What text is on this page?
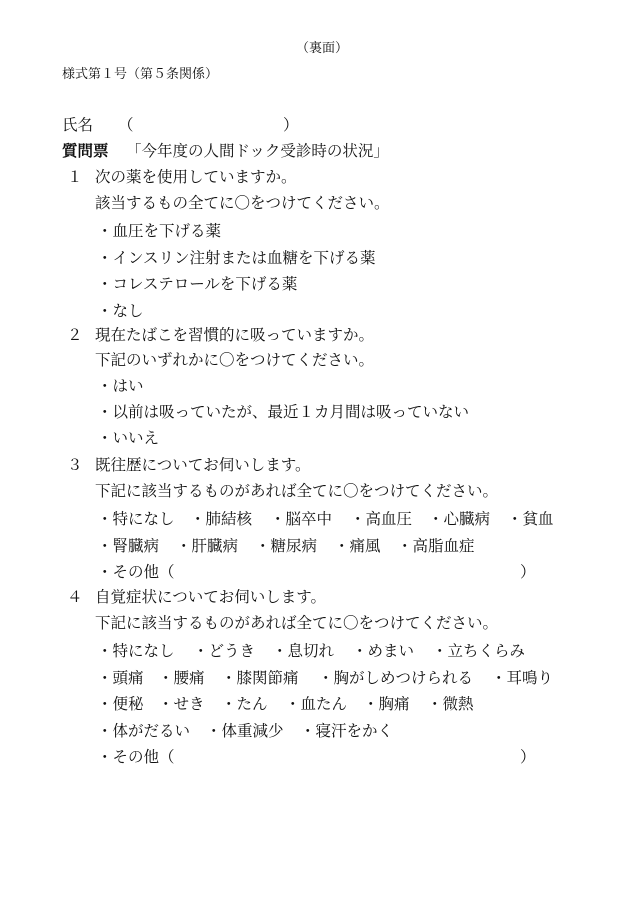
（裏面）
様式第１号（第５条関係）
氏名 （	）
質問票 「今年度の人間ドック受診時の状況」
１ 次の薬を使用していますか。
該当するもの全てに〇をつけてください。
・血圧を下げる薬
・インスリン注射または血糖を下げる薬
・コレステロールを下げる薬
・なし
２ 現在たばこを習慣的に吸っていますか。
下記のいずれかに〇をつけてください。
・はい
・以前は吸っていたが、最近１カ月間は吸っていない
・いいえ
３ 既往歴についてお伺いします。
下記に該当するものがあれば全てに〇をつけてください。
・特になし ・肺結核 ・脳卒中 ・高血圧 ・心臓病 ・貧血
・腎臓病 ・肝臓病 ・糖尿病 ・痛風 ・高脂血症
・その他（	）
４ 自覚症状についてお伺いします。
下記に該当するものがあれば全てに〇をつけてください。
・特になし ・どうき ・息切れ ・めまい ・立ちくらみ
・頭痛 ・腰痛 ・膝関節痛 ・胸がしめつけられる ・耳鳴り
・便秘 ・せき ・たん ・血たん ・胸痛 ・微熱
・体がだるい ・体重減少 ・寝汗をかく
・その他（	）
